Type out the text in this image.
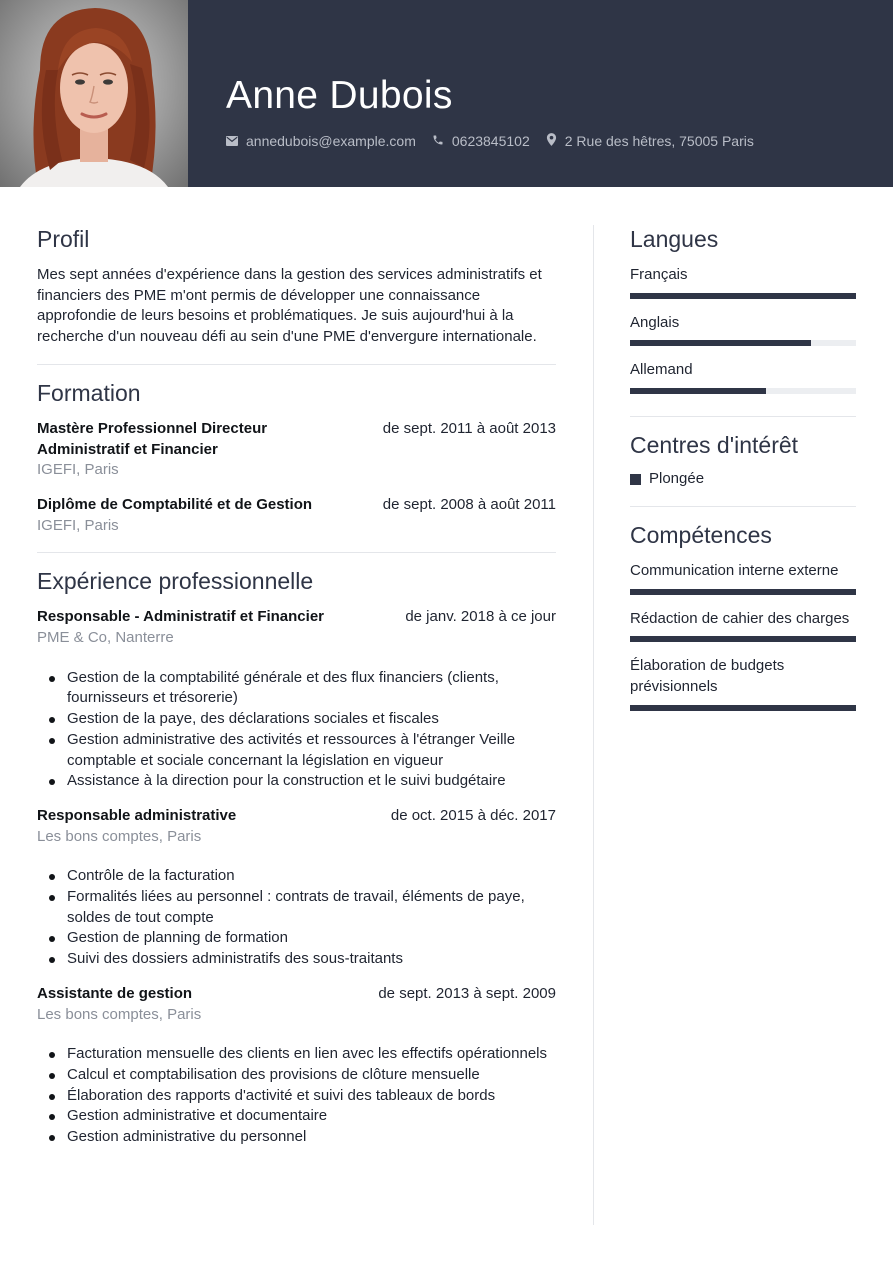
Anne Dubois
annedubois@example.com	0623845102	2 Rue des hêtres, 75005 Paris
Profil

Mes sept années d'expérience dans la gestion des services administratifs et financiers des PME m'ont permis de développer une connaissance approfondie de leurs besoins et problématiques. Je suis aujourd'hui à la recherche d'un nouveau défi au sein d'une PME d'envergure internationale.

Formation
Mastère Professionnel Directeur Administratif et Financier
de sept. 2011 à août 2013
IGEFI, Paris
Diplôme de Comptabilité et de Gestion	de sept. 2008 à août 2011
IGEFI, Paris
Expérience professionnelle
Responsable - Administratif et Financier	de janv. 2018 à ce jour
PME & Co, Nanterre
Gestion de la comptabilité générale et des flux financiers (clients, fournisseurs et trésorerie)
Gestion de la paye, des déclarations sociales et fiscales
Gestion administrative des activités et ressources à l'étranger Veille comptable et sociale concernant la législation en vigueur
Assistance à la direction pour la construction et le suivi budgétaire
Responsable administrative	de oct. 2015 à déc. 2017
Les bons comptes, Paris
Contrôle de la facturation
Formalités liées au personnel : contrats de travail, éléments de paye, soldes de tout compte
Gestion de planning de formation
Suivi des dossiers administratifs des sous-traitants
Assistante de gestion	de sept. 2013 à sept. 2009
Les bons comptes, Paris
Facturation mensuelle des clients en lien avec les effectifs opérationnels
Calcul et comptabilisation des provisions de clôture mensuelle
Élaboration des rapports d'activité et suivi des tableaux de bords
Gestion administrative et documentaire
Gestion administrative du personnel
Langues
Français
Anglais
Allemand
Centres d'intérêt
Plongée
Compétences
Communication interne externe
Rédaction de cahier des charges
Élaboration de budgets prévisionnels
